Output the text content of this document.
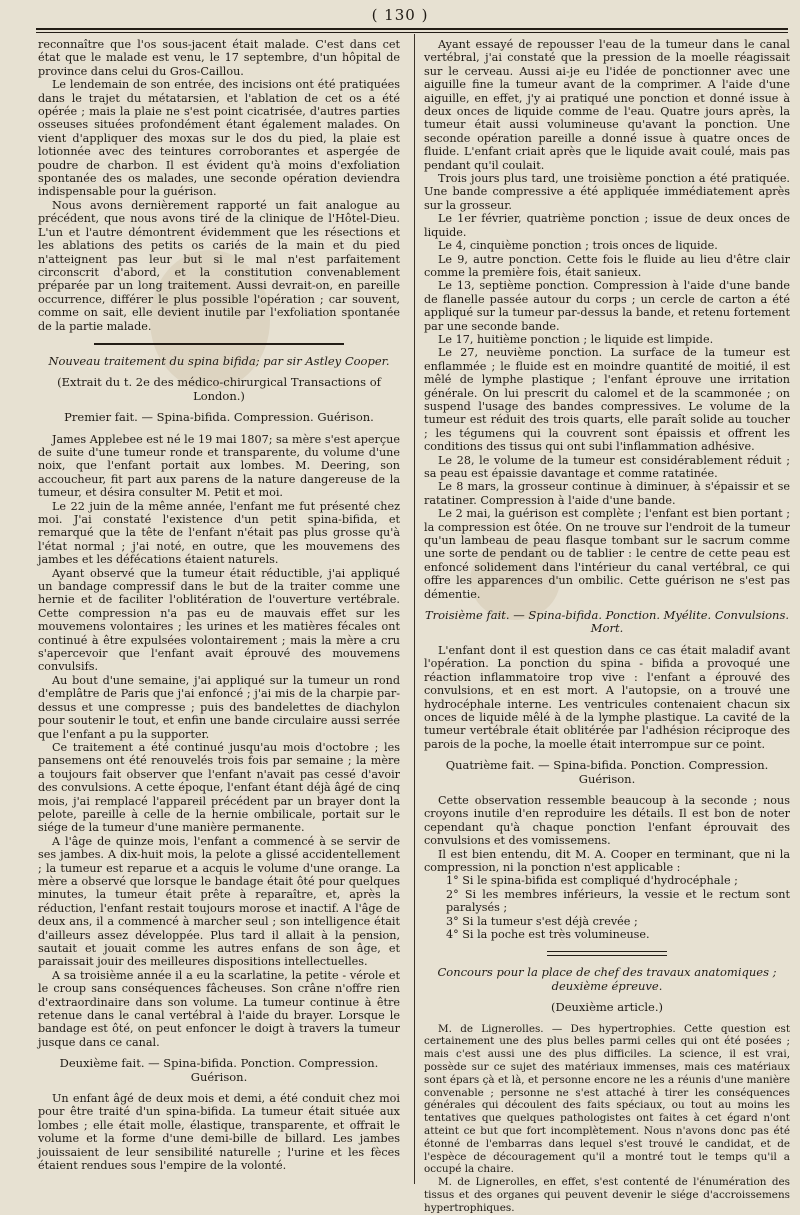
( 130 )

reconnaître que l'os sous-jacent était malade. C'est dans cet état que le malade est venu, le 17 septembre, d'un hôpital de province dans celui du Gros-Caillou.

Le lendemain de son entrée, des incisions ont été pratiquées dans le trajet du métatarsien, et l'ablation de cet os a été opérée ; mais la plaie ne s'est point cicatrisée, d'autres parties osseuses situées profondément étant également malades. On vient d'appliquer des moxas sur le dos du pied, la plaie est lotionnée avec des teintures corroborantes et aspergée de poudre de charbon. Il est évident qu'à moins d'exfoliation spontanée des os malades, une seconde opération deviendra indispensable pour la guérison.

Nous avons dernièrement rapporté un fait analogue au précédent, que nous avons tiré de la clinique de l'Hôtel-Dieu. L'un et l'autre démontrent évidemment que les résections et les ablations des petits os cariés de la main et du pied n'atteignent pas leur but si le mal n'est parfaitement circonscrit d'abord, et la constitution convenablement préparée par un long traitement. Aussi devrait-on, en pareille occurrence, différer le plus possible l'opération ; car souvent, comme on sait, elle devient inutile par l'exfoliation spontanée de la partie malade.

Nouveau traitement du spina bifida; par sir Astley Cooper.

(Extrait du t. 2e des médico-chirurgical Transactions of London.)

Premier fait. — Spina-bifida. Compression. Guérison.

James Applebee est né le 19 mai 1807; sa mère s'est aperçue de suite d'une tumeur ronde et transparente, du volume d'une noix, que l'enfant portait aux lombes. M. Deering, son accoucheur, fit part aux parens de la nature dangereuse de la tumeur, et désira consulter M. Petit et moi.

Le 22 juin de la même année, l'enfant me fut présenté chez moi. J'ai constaté l'existence d'un petit spina-bifida, et remarqué que la tête de l'enfant n'était pas plus grosse qu'à l'état normal ; j'ai noté, en outre, que les mouvemens des jambes et les défécations étaient naturels.

Ayant observé que la tumeur était réductible, j'ai appliqué un bandage compressif dans le but de la traiter comme une hernie et de faciliter l'oblitération de l'ouverture vertébrale. Cette compression n'a pas eu de mauvais effet sur les mouvemens volontaires ; les urines et les matières fécales ont continué à être expulsées volontairement ; mais la mère a cru s'apercevoir que l'enfant avait éprouvé des mouvemens convulsifs.

Au bout d'une semaine, j'ai appliqué sur la tumeur un rond d'emplâtre de Paris que j'ai enfoncé ; j'ai mis de la charpie par-dessus et une compresse ; puis des bandelettes de diachylon pour soutenir le tout, et enfin une bande circulaire aussi serrée que l'enfant a pu la supporter.

Ce traitement a été continué jusqu'au mois d'octobre ; les pansemens ont été renouvelés trois fois par semaine ; la mère a toujours fait observer que l'enfant n'avait pas cessé d'avoir des convulsions. A cette époque, l'enfant étant déjà âgé de cinq mois, j'ai remplacé l'appareil précédent par un brayer dont la pelote, pareille à celle de la hernie ombilicale, portait sur le siége de la tumeur d'une manière permanente.

A l'âge de quinze mois, l'enfant a commencé à se servir de ses jambes. A dix-huit mois, la pelote a glissé accidentellement ; la tumeur est reparue et a acquis le volume d'une orange. La mère a observé que lorsque le bandage était ôté pour quelques minutes, la tumeur était prête à reparaître, et, après la réduction, l'enfant restait toujours morose et inactif. A l'âge de deux ans, il a commencé à marcher seul ; son intelligence était d'ailleurs assez développée. Plus tard il allait à la pension, sautait et jouait comme les autres enfans de son âge, et paraissait jouir des meilleures dispositions intellectuelles.

A sa troisième année il a eu la scarlatine, la petite - vérole et le croup sans conséquences fâcheuses. Son crâne n'offre rien d'extraordinaire dans son volume. La tumeur continue à être retenue dans le canal vertébral à l'aide du brayer. Lorsque le bandage est ôté, on peut enfoncer le doigt à travers la tumeur jusque dans ce canal.

Deuxième fait. — Spina-bifida. Ponction. Compression. Guérison.

Un enfant âgé de deux mois et demi, a été conduit chez moi pour être traité d'un spina-bifida. La tumeur était située aux lombes ; elle était molle, élastique, transparente, et offrait le volume et la forme d'une demi-bille de billard. Les jambes jouissaient de leur sensibilité naturelle ; l'urine et les fèces étaient rendues sous l'empire de la volonté.

Ayant essayé de repousser l'eau de la tumeur dans le canal vertébral, j'ai constaté que la pression de la moelle réagissait sur le cerveau. Aussi ai-je eu l'idée de ponctionner avec une aiguille fine la tumeur avant de la comprimer. A l'aide d'une aiguille, en effet, j'y ai pratiqué une ponction et donné issue à deux onces de liquide comme de l'eau. Quatre jours après, la tumeur était aussi volumineuse qu'avant la ponction. Une seconde opération pareille a donné issue à quatre onces de fluide. L'enfant criait après que le liquide avait coulé, mais pas pendant qu'il coulait.

Trois jours plus tard, une troisième ponction a été pratiquée. Une bande compressive a été appliquée immédiatement après sur la grosseur.

Le 1er février, quatrième ponction ; issue de deux onces de liquide.

Le 4, cinquième ponction ; trois onces de liquide.

Le 9, autre ponction. Cette fois le fluide au lieu d'être clair comme la première fois, était sanieux.

Le 13, septième ponction. Compression à l'aide d'une bande de flanelle passée autour du corps ; un cercle de carton a été appliqué sur la tumeur par-dessus la bande, et retenu fortement par une seconde bande.

Le 17, huitième ponction ; le liquide est limpide.

Le 27, neuvième ponction. La surface de la tumeur est enflammée ; le fluide est en moindre quantité de moitié, il est mêlé de lymphe plastique ; l'enfant éprouve une irritation générale. On lui prescrit du calomel et de la scammonée ; on suspend l'usage des bandes compressives. Le volume de la tumeur est réduit des trois quarts, elle paraît solide au toucher ; les tégumens qui la couvrent sont épaissis et offrent les conditions des tissus qui ont subi l'inflammation adhésive.

Le 28, le volume de la tumeur est considérablement réduit ; sa peau est épaissie davantage et comme ratatinée.

Le 8 mars, la grosseur continue à diminuer, à s'épaissir et se ratatiner. Compression à l'aide d'une bande.

Le 2 mai, la guérison est complète ; l'enfant est bien portant ; la compression est ôtée. On ne trouve sur l'endroit de la tumeur qu'un lambeau de peau flasque tombant sur le sacrum comme une sorte de pendant ou de tablier : le centre de cette peau est enfoncé solidement dans l'intérieur du canal vertébral, ce qui offre les apparences d'un ombilic. Cette guérison ne s'est pas démentie.

Troisième fait. — Spina-bifida. Ponction. Myélite. Convulsions. Mort.

L'enfant dont il est question dans ce cas était maladif avant l'opération. La ponction du spina - bifida a provoqué une réaction inflammatoire trop vive : l'enfant a éprouvé des convulsions, et en est mort. A l'autopsie, on a trouvé une hydrocéphale interne. Les ventricules contenaient chacun six onces de liquide mêlé à de la lymphe plastique. La cavité de la tumeur vertébrale était oblitérée par l'adhésion réciproque des parois de la poche, la moelle était interrompue sur ce point.

Quatrième fait. — Spina-bifida. Ponction. Compression. Guérison.

Cette observation ressemble beaucoup à la seconde ; nous croyons inutile d'en reproduire les détails. Il est bon de noter cependant qu'à chaque ponction l'enfant éprouvait des convulsions et des vomissemens.

Il est bien entendu, dit M. A. Cooper en terminant, que ni la compression, ni la ponction n'est applicable :

1° Si le spina-bifida est compliqué d'hydrocéphale ;

2° Si les membres inférieurs, la vessie et le rectum sont paralysés ;

3° Si la tumeur s'est déjà crevée ;

4° Si la poche est très volumineuse.

Concours pour la place de chef des travaux anatomiques ; deuxième épreuve.

(Deuxième article.)

M. de Lignerolles. — Des hypertrophies. Cette question est certainement une des plus belles parmi celles qui ont été posées ; mais c'est aussi une des plus difficiles. La science, il est vrai, possède sur ce sujet des matériaux immenses, mais ces matériaux sont épars çà et là, et personne encore ne les a réunis d'une manière convenable ; personne ne s'est attaché à tirer les conséquences générales qui découlent des faits spéciaux, ou tout au moins les tentatives que quelques pathologistes ont faites à cet égard n'ont atteint ce but que fort incomplètement. Nous n'avons donc pas été étonné de l'embarras dans lequel s'est trouvé le candidat, et de l'espèce de découragement qu'il a montré tout le temps qu'il a occupé la chaire.

M. de Lignerolles, en effet, s'est contenté de l'énumération des tissus et des organes qui peuvent devenir le siége d'accroissemens hypertrophiques.
